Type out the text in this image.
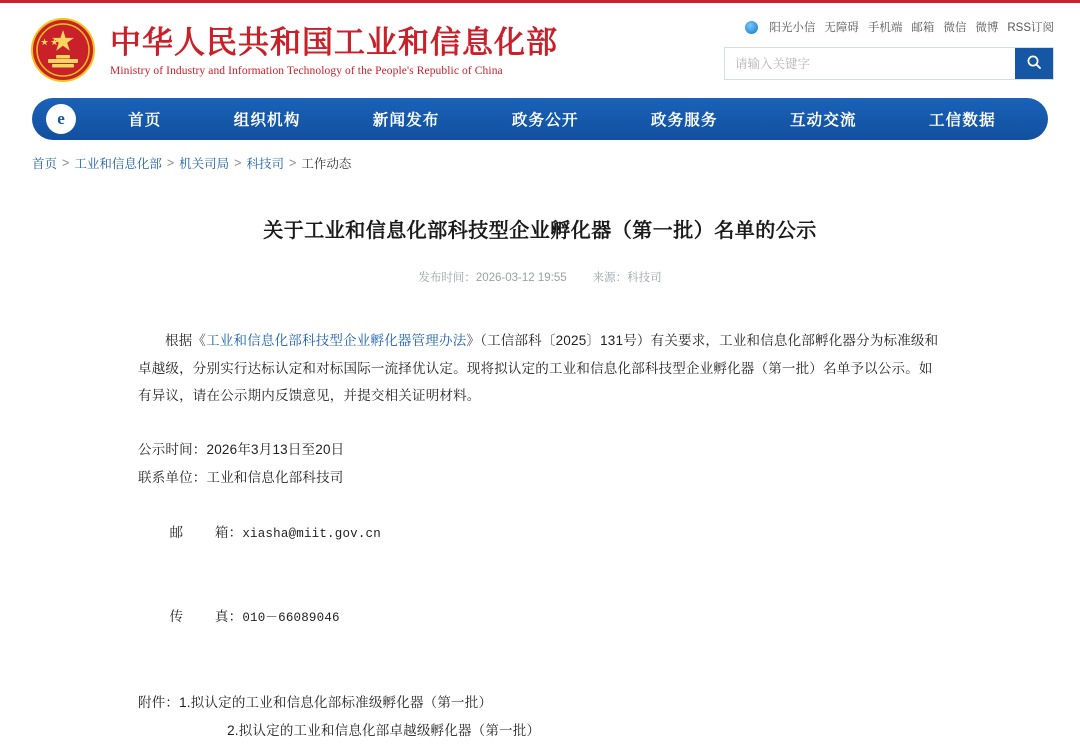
中华人民共和国工业和信息化部
Ministry of Industry and Information Technology of the People's Republic of China
阳光小信 无障碍 手机端 邮箱 微信 微博 RSS订阅
请输入关键字
e	首页	组织机构	新闻发布	政务公开	政务服务	互动交流	工信数据
首页 > 工业和信息化部 > 机关司局 > 科技司 > 工作动态
关于工业和信息化部科技型企业孵化器（第一批）名单的公示
发布时间：2026-03-12 19:55 来源：科技司
根据《工业和信息化部科技型企业孵化器管理办法》（工信部科〔2025〕131号）有关要求，工业和信息化部孵化器分为标准级和卓越级，分别实行达标认定和对标国际一流择优认定。现将拟认定的工业和信息化部科技型企业孵化器（第一批）名单予以公示。如有异议，请在公示期内反馈意见，并提交相关证明材料。
公示时间：2026年3月13日至20日
联系单位：工业和信息化部科技司

邮        箱：xiasha@miit.gov.cn

传        真：010－66089046

附件：1.拟认定的工业和信息化部标准级孵化器（第一批）
2.拟认定的工业和信息化部卓越级孵化器（第一批）
